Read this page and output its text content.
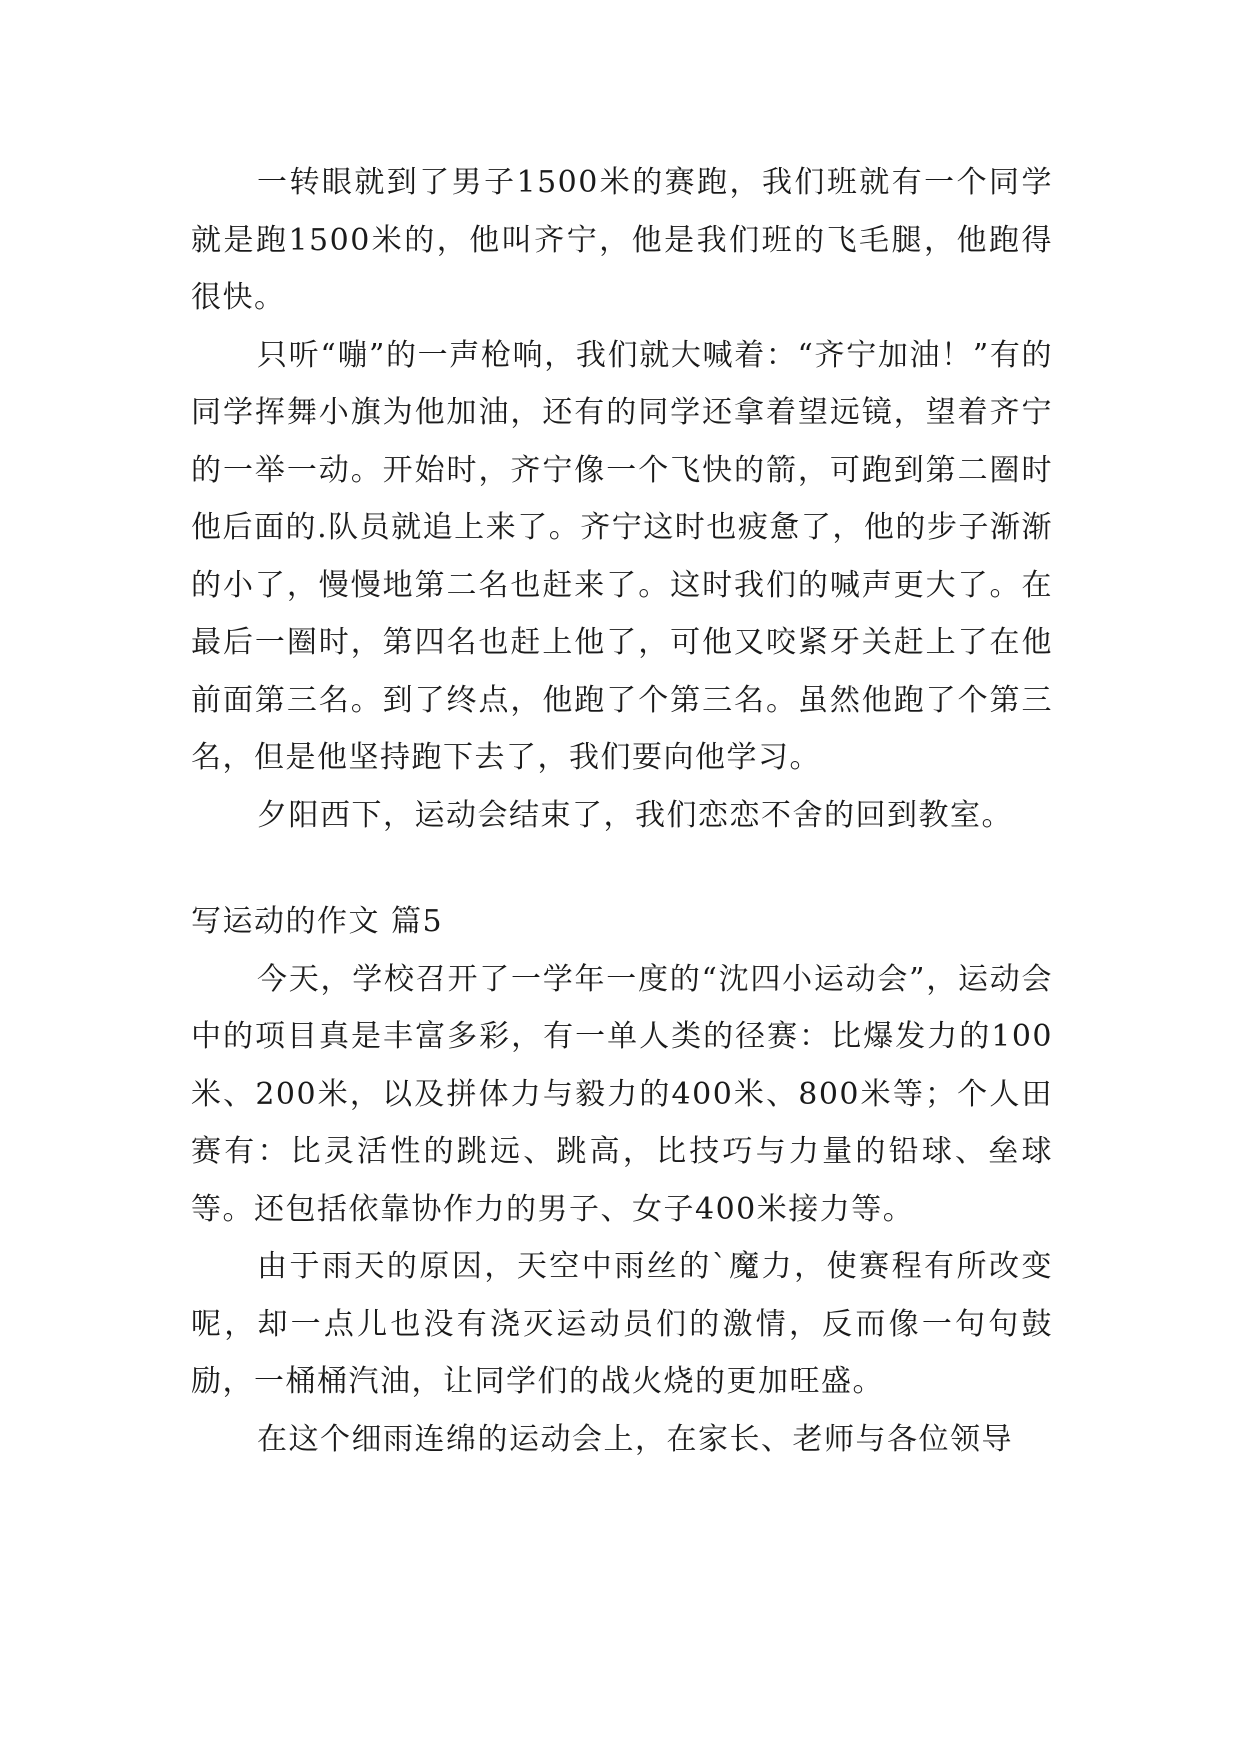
一转眼就到了男子1500米的赛跑，我们班就有一个同学就是跑1500米的，他叫齐宁，他是我们班的飞毛腿，他跑得很快。

只听“嘣”的一声枪响，我们就大喊着：“齐宁加油！”有的同学挥舞小旗为他加油，还有的同学还拿着望远镜，望着齐宁的一举一动。开始时，齐宁像一个飞快的箭，可跑到第二圈时他后面的.队员就追上来了。齐宁这时也疲惫了，他的步子渐渐的小了，慢慢地第二名也赶来了。这时我们的喊声更大了。在最后一圈时，第四名也赶上他了，可他又咬紧牙关赶上了在他前面第三名。到了终点，他跑了个第三名。虽然他跑了个第三名，但是他坚持跑下去了，我们要向他学习。

夕阳西下，运动会结束了，我们恋恋不舍的回到教室。

写运动的作文 篇5

今天，学校召开了一学年一度的“沈四小运动会”，运动会中的项目真是丰富多彩，有一单人类的径赛：比爆发力的100米、200米，以及拼体力与毅力的400米、800米等；个人田赛有：比灵活性的跳远、跳高，比技巧与力量的铅球、垒球等。还包括依靠协作力的男子、女子400米接力等。

由于雨天的原因，天空中雨丝的`魔力，使赛程有所改变呢，却一点儿也没有浇灭运动员们的激情，反而像一句句鼓励，一桶桶汽油，让同学们的战火烧的更加旺盛。

在这个细雨连绵的运动会上，在家长、老师与各位领导
